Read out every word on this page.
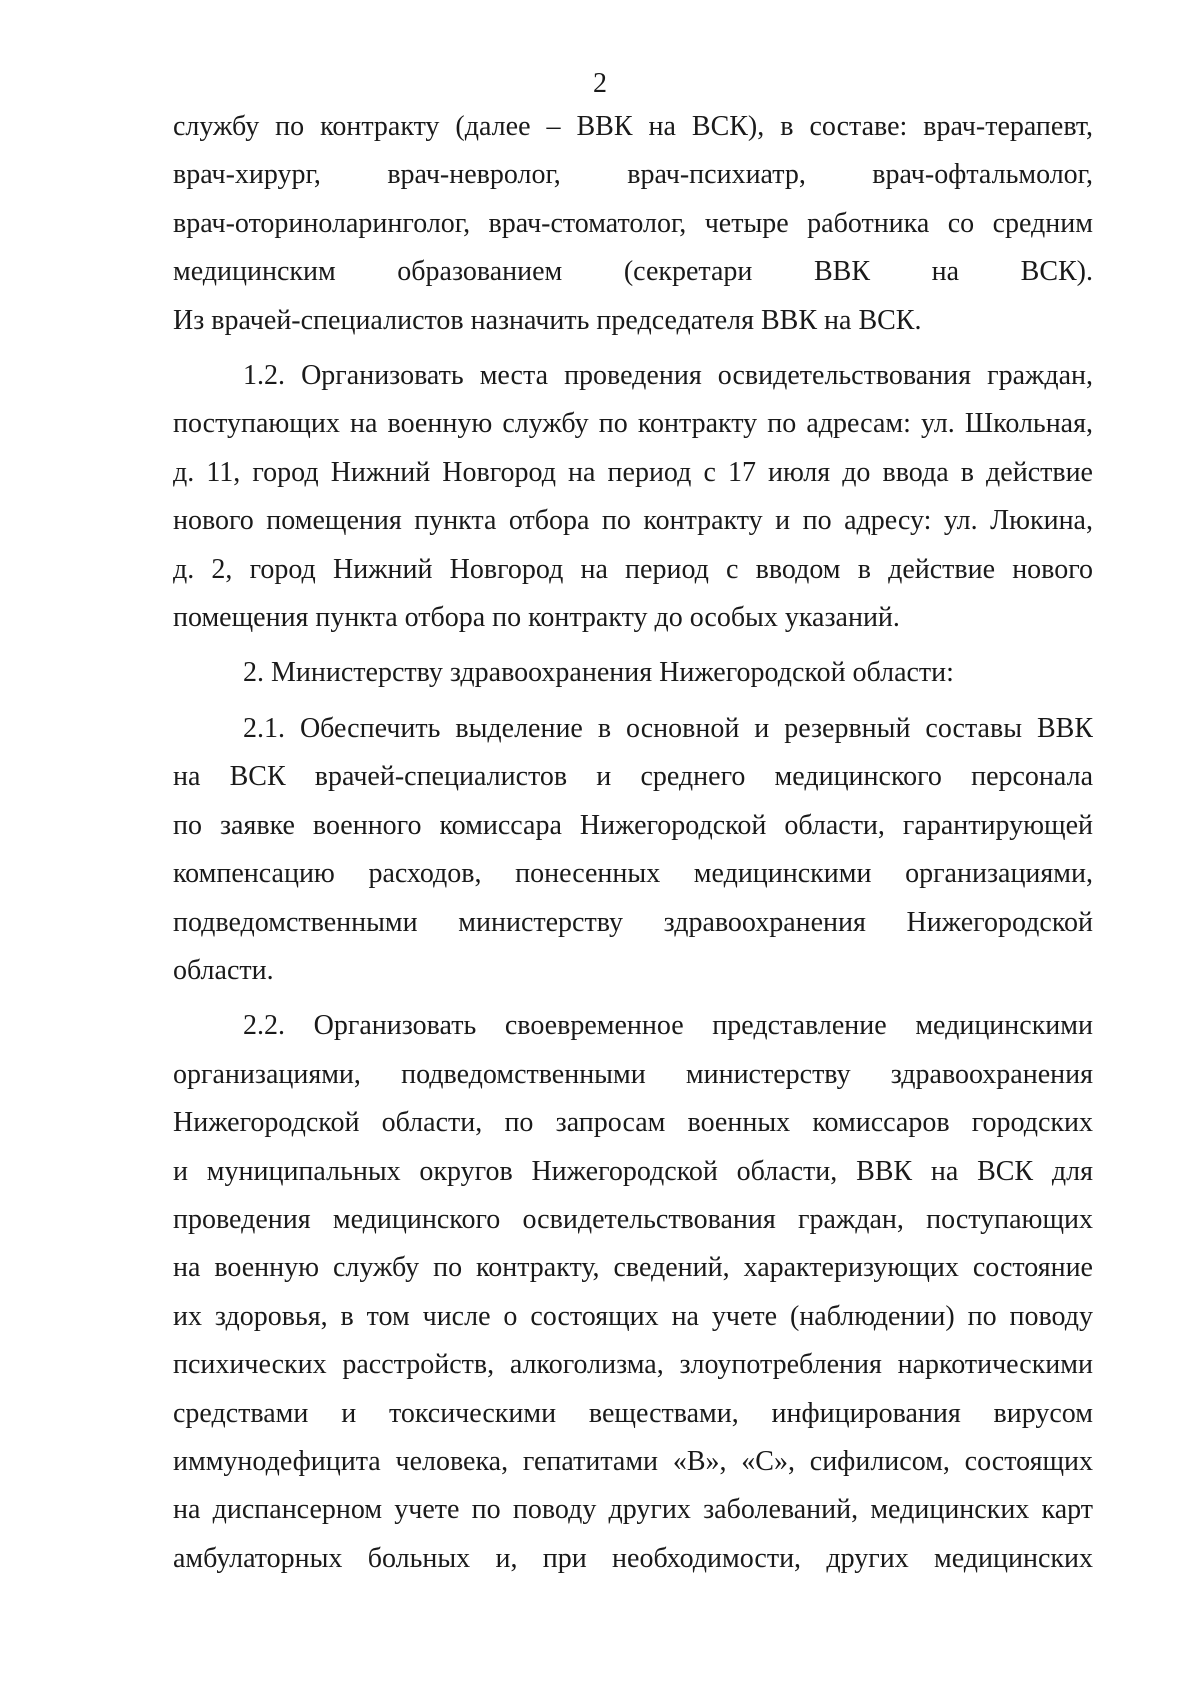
2
службу по контракту (далее – ВВК на ВСК), в составе: врач-терапевт,
врач-хирург, врач-невролог, врач-психиатр, врач-офтальмолог,
врач-оториноларинголог, врач-стоматолог, четыре работника со средним
медицинским образованием (секретари ВВК на ВСК).
Из врачей-специалистов назначить председателя ВВК на ВСК.
1.2. Организовать места проведения освидетельствования граждан,
поступающих на военную службу по контракту по адресам: ул. Школьная,
д. 11, город Нижний Новгород на период с 17 июля до ввода в действие
нового помещения пункта отбора по контракту и по адресу: ул. Люкина,
д. 2, город Нижний Новгород на период с вводом в действие нового
помещения пункта отбора по контракту до особых указаний.
2. Министерству здравоохранения Нижегородской области:
2.1. Обеспечить выделение в основной и резервный составы ВВК
на ВСК врачей-специалистов и среднего медицинского персонала
по заявке военного комиссара Нижегородской области, гарантирующей
компенсацию расходов, понесенных медицинскими организациями,
подведомственными министерству здравоохранения Нижегородской
области.
2.2. Организовать своевременное представление медицинскими
организациями, подведомственными министерству здравоохранения
Нижегородской области, по запросам военных комиссаров городских
и муниципальных округов Нижегородской области, ВВК на ВСК для
проведения медицинского освидетельствования граждан, поступающих
на военную службу по контракту, сведений, характеризующих состояние
их здоровья, в том числе о состоящих на учете (наблюдении) по поводу
психических расстройств, алкоголизма, злоупотребления наркотическими
средствами и токсическими веществами, инфицирования вирусом
иммунодефицита человека, гепатитами «В», «С», сифилисом, состоящих
на диспансерном учете по поводу других заболеваний, медицинских карт
амбулаторных больных и, при необходимости, других медицинских
